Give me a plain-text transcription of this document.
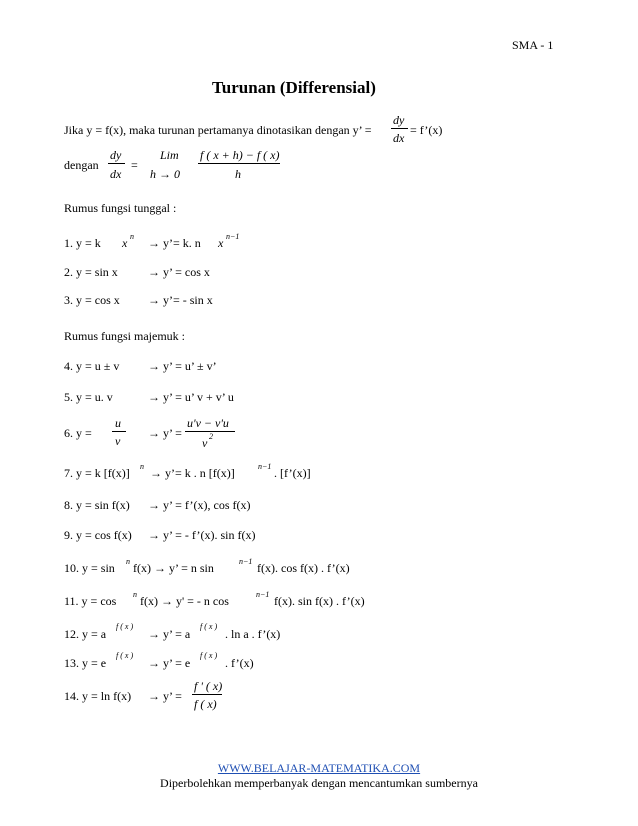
SMA - 1
Turunan (Differensial)
Jika y = f(x), maka turunan pertamanya dinotasikan dengan y’ =
dy
dx
= f’(x)
dengan
dy
dx
=
Lim
h → 0
f ( x + h) − f ( x)
h
Rumus fungsi tunggal :
1. y = k x n → y’= k. n x n−1
2. y = sin x	→ y’ = cos x
3. y = cos x → y’= - sin x
Rumus fungsi majemuk :
4. y = u ± v → y’ = u’ ± v’
5. y = u. v	→ y’ = u’ v + v’ u
6. y =
u
v
→ y’ =
u'v − v'u
v 2
7. y = k [f(x)] n → y’= k . n [f(x)]	n−1 . [f’(x)]
8. y = sin f(x) → y’ = f’(x), cos f(x)
9. y = cos f(x) → y’ = - f’(x). sin f(x)
10. y = sin n f(x) → y’ = n sin	n−1 f(x). cos f(x) . f’(x)
11. y = cos n f(x) → y' = - n cos	n−1 f(x). sin f(x) . f’(x)
12. y = a
f ( x )
→ y’ = a
f ( x )
. ln a . f’(x)
13. y = e
f ( x )
→ y’ = e
f ( x )
. f’(x)
14. y = ln f(x) → y’ =
f ' ( x)
f ( x)
WWW.BELAJAR-MATEMATIKA.COM
Diperbolehkan memperbanyak dengan mencantumkan sumbernya
